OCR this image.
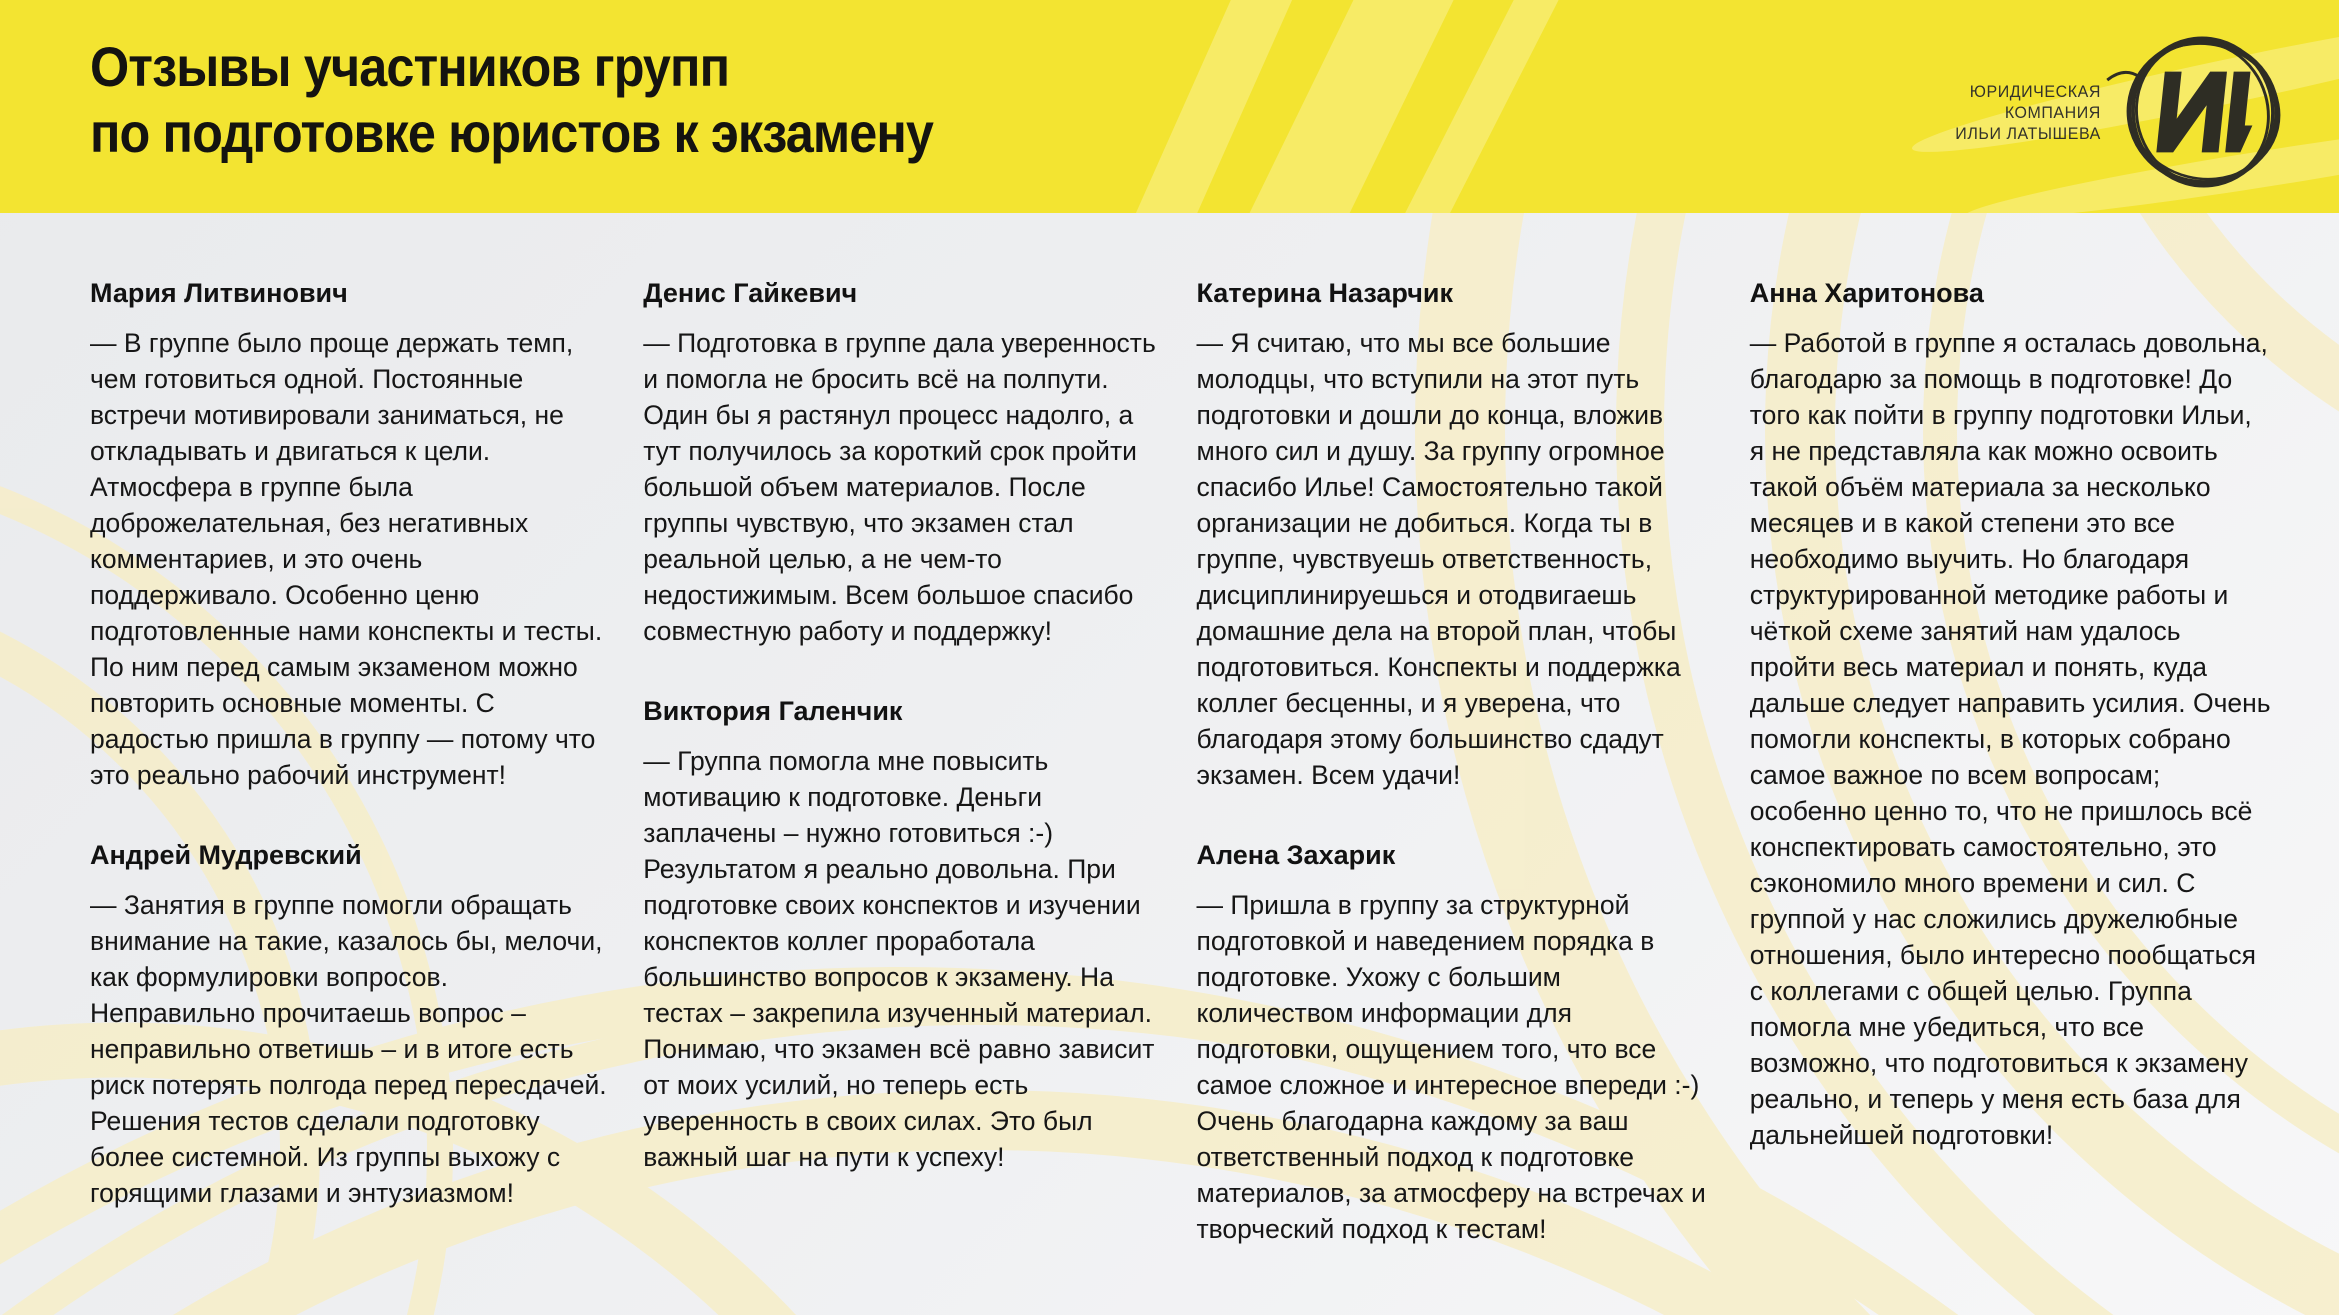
Отзывы участников групп
по подготовке юристов к экзамену
ЮРИДИЧЕСКАЯ
КОМПАНИЯ
ИЛЬИ ЛАТЫШЕВА
Мария Литвинович

— В группе было проще держать темп, чем готовиться одной. Постоянные встречи мотивировали заниматься, не откладывать и двигаться к цели. Атмосфера в группе была доброжелательная, без негативных комментариев, и это очень поддерживало. Особенно ценю подготовленные нами конспекты и тесты. По ним перед самым экзаменом можно повторить основные моменты. С радостью пришла в группу — потому что это реально рабочий инструмент!

Андрей Мудревский

— Занятия в группе помогли обращать внимание на такие, казалось бы, мелочи, как формулировки вопросов. Неправильно прочитаешь вопрос – неправильно ответишь – и в итоге есть риск потерять полгода перед пересдачей. Решения тестов сделали подготовку более системной. Из группы выхожу с горящими глазами и энтузиазмом!

Денис Гайкевич

— Подготовка в группе дала уверенность и помогла не бросить всё на полпути. Один бы я растянул процесс надолго, а тут получилось за короткий срок пройти большой объем материалов. После группы чувствую, что экзамен стал реальной целью, а не чем-то недостижимым. Всем большое спасибо совместную работу и поддержку!

Виктория Галенчик

— Группа помогла мне повысить мотивацию к подготовке. Деньги заплачены – нужно готовиться :-) Результатом я реально довольна. При подготовке своих конспектов и изучении конспектов коллег проработала большинство вопросов к экзамену. На тестах – закрепила изученный материал. Понимаю, что экзамен всё равно зависит от моих усилий, но теперь есть уверенность в своих силах. Это был важный шаг на пути к успеху!

Катерина Назарчик

— Я считаю, что мы все большие молодцы, что вступили на этот путь подготовки и дошли до конца, вложив много сил и душу. За группу огромное спасибо Илье! Самостоятельно такой организации не добиться. Когда ты в группе, чувствуешь ответственность, дисциплинируешься и отодвигаешь домашние дела на второй план, чтобы подготовиться. Конспекты и поддержка коллег бесценны, и я уверена, что благодаря этому большинство сдадут экзамен. Всем удачи!

Алена Захарик

— Пришла в группу за структурной подготовкой и наведением порядка в подготовке. Ухожу с большим количеством информации для подготовки, ощущением того, что все самое сложное и интересное впереди :-) Очень благодарна каждому за ваш ответственный подход к подготовке материалов, за атмосферу на встречах и творческий подход к тестам!

Анна Харитонова

— Работой в группе я осталась довольна, благодарю за помощь в подготовке! До того как пойти в группу подготовки Ильи, я не представляла как можно освоить такой объём материала за несколько месяцев и в какой степени это все необходимо выучить. Но благодаря структурированной методике работы и чёткой схеме занятий нам удалось пройти весь материал и понять, куда дальше следует направить усилия. Очень помогли конспекты, в которых собрано самое важное по всем вопросам; особенно ценно то, что не пришлось всё конспектировать самостоятельно, это сэкономило много времени и сил. С группой у нас сложились дружелюбные отношения, было интересно пообщаться с коллегами с общей целью. Группа помогла мне убедиться, что все возможно, что подготовиться к экзамену реально, и теперь у меня есть база для дальнейшей подготовки!
